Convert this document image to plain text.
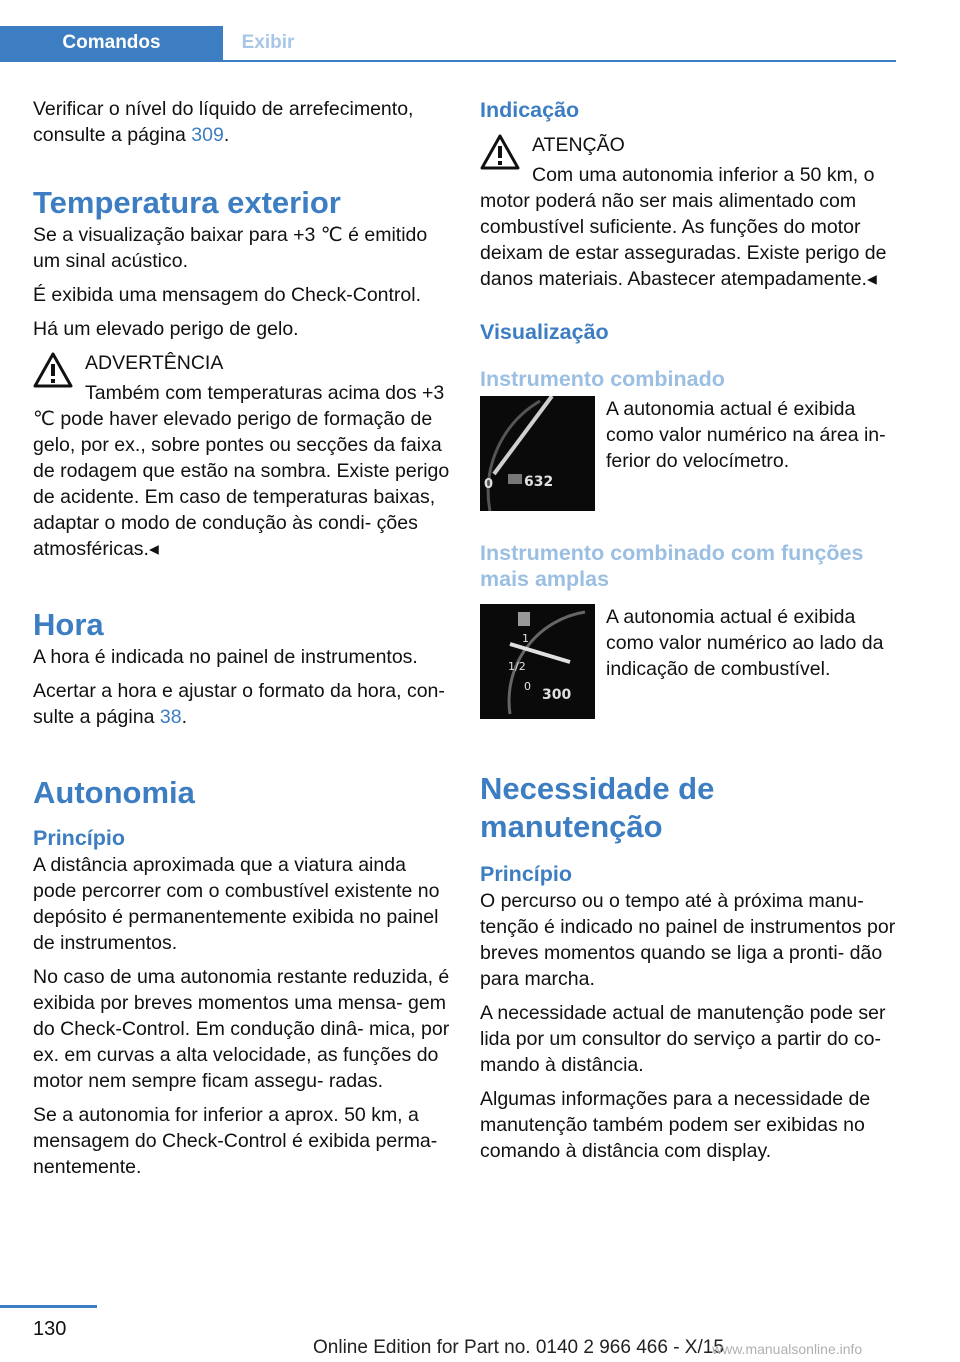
Comandos	Exibir

Verificar o nível do líquido de arrefecimento, consulte a página 309.

Temperatura exterior

Se a visualização baixar para +3 ℃ é emitido um sinal acústico.

É exibida uma mensagem do Check-Control.

Há um elevado perigo de gelo.

ADVERTÊNCIA

Também com temperaturas acima dos +3 ℃ pode haver elevado perigo de formação de gelo, por ex., sobre pontes ou secções da faixa de rodagem que estão na sombra. Existe perigo de acidente. Em caso de temperaturas baixas, adaptar o modo de condução às condi‐ ções atmosféricas.◂

Hora

A hora é indicada no painel de instrumentos.

Acertar a hora e ajustar o formato da hora, con‐ sulte a página 38.

Autonomia
Princípio

A distância aproximada que a viatura ainda pode percorrer com o combustível existente no depósito é permanentemente exibida no painel de instrumentos.

No caso de uma autonomia restante reduzida, é exibida por breves momentos uma mensa‐ gem do Check-Control. Em condução dinâ‐ mica, por ex. em curvas a alta velocidade, as funções do motor nem sempre ficam assegu‐ radas.

Se a autonomia for inferior a aprox. 50 km, a mensagem do Check-Control é exibida perma‐ nentemente.

Indicação

ATENÇÃO

Com uma autonomia inferior a 50 km, o motor poderá não ser mais alimentado com combustível suficiente. As funções do motor deixam de estar asseguradas. Existe perigo de danos materiais. Abastecer atempadamente.◂

Visualização
Instrumento combinado
0 632
A autonomia actual é exibida como valor numérico na área in‐ ferior do velocímetro.
Instrumento combinado com funções mais amplas
1
1/2
0
300
A autonomia actual é exibida como valor numérico ao lado da indicação de combustível.
Necessidade de manutenção
Princípio

O percurso ou o tempo até à próxima manu‐ tenção é indicado no painel de instrumentos por breves momentos quando se liga a pronti‐ dão para marcha.

A necessidade actual de manutenção pode ser lida por um consultor do serviço a partir do co‐ mando à distância.

Algumas informações para a necessidade de manutenção também podem ser exibidas no comando à distância com display.

130
Online Edition for Part no. 0140 2 966 466 - X/15
www.manualsonline.info
